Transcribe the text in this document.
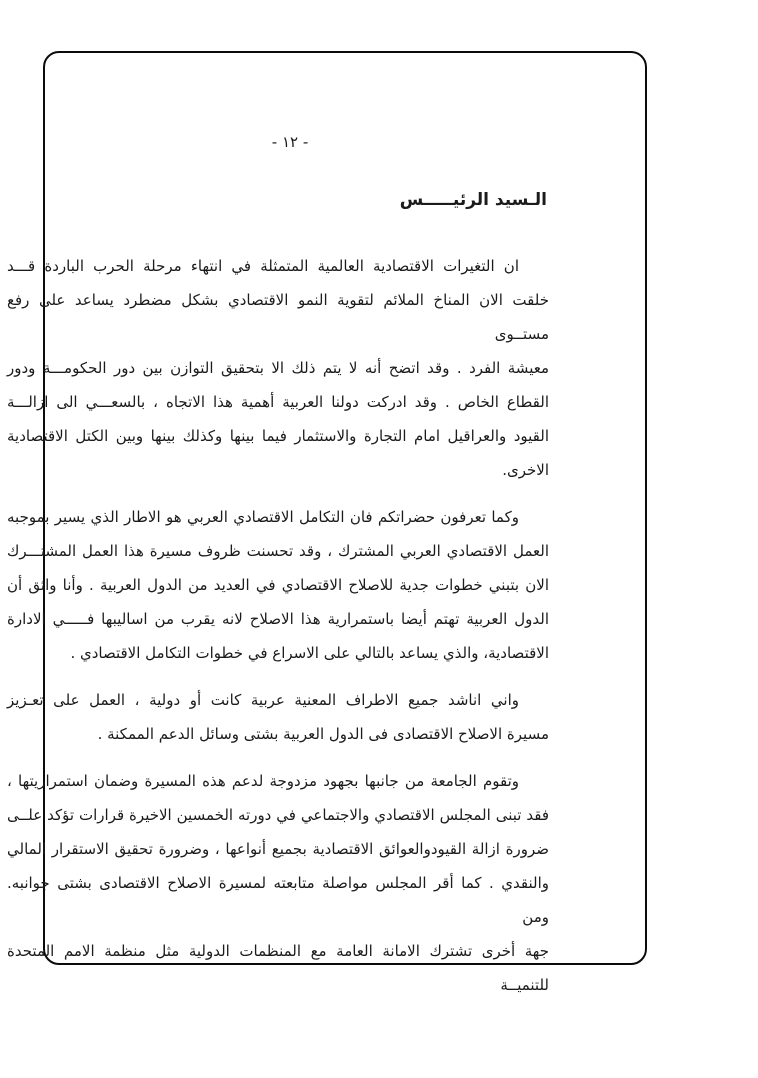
- ١٢ -
الـسيد الرئيـــــس
ان التغيرات الاقتصادية العالمية المتمثلة في انتهاء مرحلة الحرب الباردة قـــد
خلقت الان المناخ الملائم لتقوية النمو الاقتصادي بشكل مضطرد يساعد على رفع مستــوى
معيشة الفرد . وقد اتضح أنه لا يتم ذلك الا بتحقيق التوازن بين دور الحكومـــة ودور
القطاع الخاص . وقد ادركت دولنا العربية أهمية هذا الاتجاه ، بالسعـــي الى ازالـــة
القيود والعراقيل امام التجارة والاستثمار فيما بينها وكذلك بينها وبين الكتل الاقتصادية
الاخرى.
وكما تعرفون حضراتكم فان التكامل الاقتصادي العربي هو الاطار الذي يسير بموجبه
العمل الاقتصادي العربي المشترك ، وقد تحسنت ظروف مسيرة هذا العمل المشتـــرك
الان بتبني خطوات جدية للاصلاح الاقتصادي في العديد من الدول العربية . وأنا واثق أن
الدول العربية تهتم أيضا باستمرارية هذا الاصلاح لانه يقرب من اساليبها فـــــي الادارة
الاقتصادية، والذي يساعد بالتالي على الاسراع في خطوات التكامل الاقتصادي .
واني اناشد جميع الاطراف المعنية عربية كانت أو دولية ، العمل على تعـزيز
مسيرة الاصلاح الاقتصادى فى الدول العربية بشتى وسائل الدعم الممكنة .
وتقوم الجامعة من جانبها بجهود مزدوجة لدعم هذه المسيرة وضمان استمراريتها ،
فقد تبنى المجلس الاقتصادي والاجتماعي في دورته الخمسين الاخيرة قرارات تؤكد علــى
ضرورة ازالة القيودوالعوائق الاقتصادية بجميع أنواعها ، وضرورة تحقيق الاستقرار المالي
والنقدي . كما أقر المجلس مواصلة متابعته لمسيرة الاصلاح الاقتصادى بشتى جوانبه. ومن
جهة أخرى تشترك الامانة العامة مع المنظمات الدولية مثل منظمة الامم المتحدة للتنميــة
